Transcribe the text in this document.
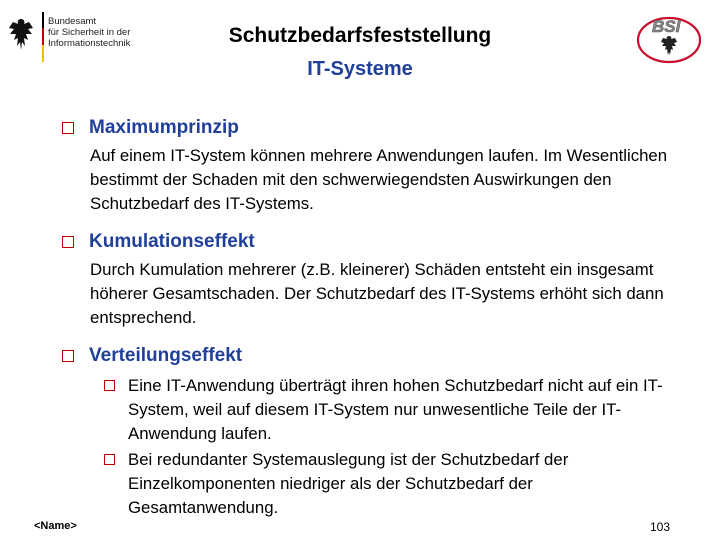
Bundesamt
für Sicherheit in der
Informationstechnik
BSI
Schutzbedarfsfeststellung
IT-Systeme
Maximumprinzip
Auf einem IT-System können mehrere Anwendungen laufen. Im Wesentlichen bestimmt der Schaden mit den schwerwiegendsten Auswirkungen den Schutzbedarf des IT-Systems.
Kumulationseffekt
Durch Kumulation mehrerer (z.B. kleinerer) Schäden entsteht ein insgesamt höherer Gesamtschaden. Der Schutzbedarf des IT-Systems erhöht sich dann entsprechend.
Verteilungseffekt
Eine IT-Anwendung überträgt ihren hohen Schutzbedarf nicht auf ein IT-System, weil auf diesem IT-System nur unwesentliche Teile der IT-Anwendung laufen.
Bei redundanter Systemauslegung ist der Schutzbedarf der Einzelkomponenten niedriger als der Schutzbedarf der Gesamtanwendung.
<Name>	103
